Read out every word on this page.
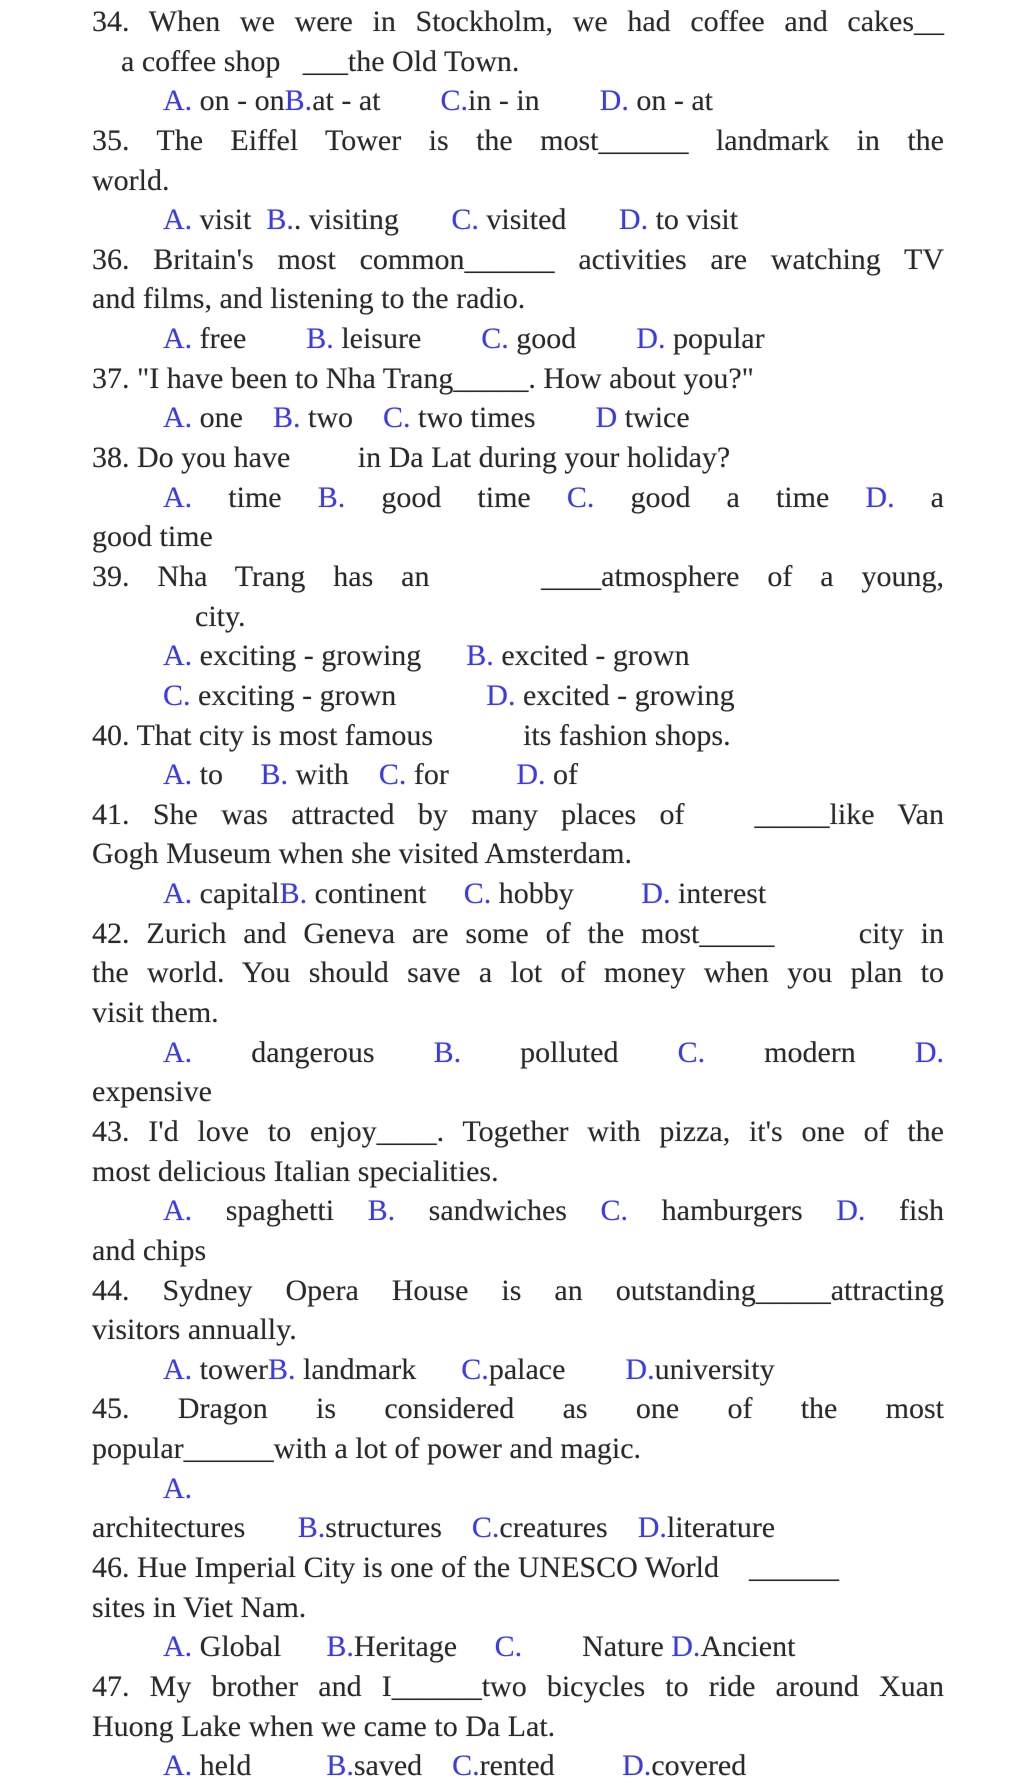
34. When we were in Stockholm, we had coffee and cakes__
a coffee shop   ___the Old Town.
A. on - onB.at - at        C.in - in        D. on - at
35. The Eiffel Tower is the most______ landmark in the
world.
A. visit  B.. visiting       C. visited       D. to visit
36. Britain's most common______ activities are watching TV
and films, and listening to the radio.
A. free        B. leisure        C. good        D. popular
37. "I have been to Nha Trang_____. How about you?"
A. one    B. two    C. two times        D twice
38. Do you have         in Da Lat during your holiday?
A. time B. good time C. good a time D. a
good time
39. Nha Trang has an    ____atmosphere of a young,
city.
A. exciting - growing      B. excited - grown
C. exciting - grown            D. excited - growing
40. That city is most famous            its fashion shops.
A. to     B. with    C. for         D. of
41. She was attracted by many places of   _____like Van
Gogh Museum when she visited Amsterdam.
A. capitalB. continent     C. hobby         D. interest
42. Zurich and Geneva are some of the most_____     city in
the world. You should save a lot of money when you plan to
visit them.
A. dangerous B. polluted C. modern D.
expensive
43. I'd love to enjoy____. Together with pizza, it's one of the
most delicious Italian specialities.
A. spaghetti B. sandwiches C. hamburgers D. fish
and chips
44. Sydney Opera House is an outstanding_____attracting
visitors annually.
A. towerB. landmark      C.palace        D.university
45. Dragon is considered as one of the most
popular______with a lot of power and magic.
A.
architectures       B.structures    C.creatures    D.literature
46. Hue Imperial City is one of the UNESCO World    ______
sites in Viet Nam.
A. Global      B.Heritage     C.        Nature D.Ancient
47. My brother and I______two bicycles to ride around Xuan
Huong Lake when we came to Da Lat.
A. held          B.saved    C.rented         D.covered
